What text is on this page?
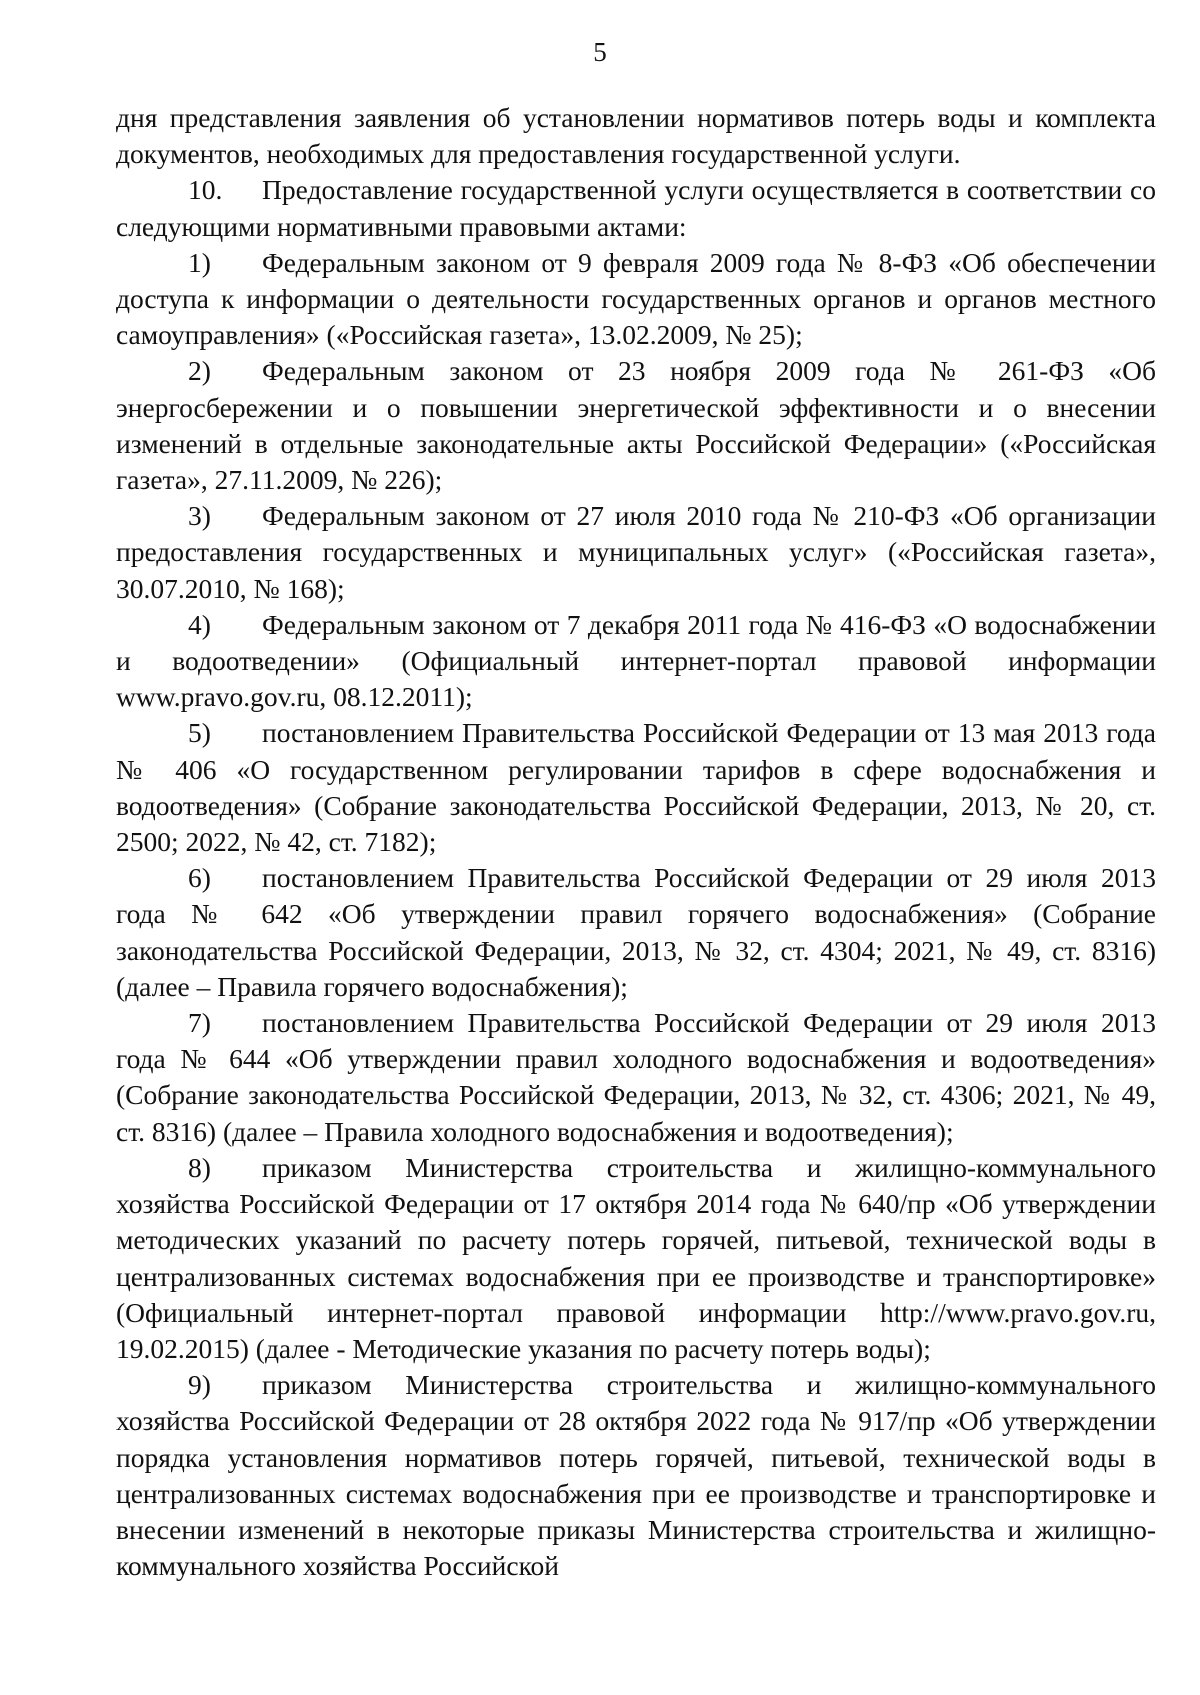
5

дня представления заявления об установлении нормативов потерь воды и комплекта документов, необходимых для предоставления государственной услуги.

10. Предоставление государственной услуги осуществляется в соответствии со следующими нормативными правовыми актами:

1) Федеральным законом от 9 февраля 2009 года № 8-ФЗ «Об обеспечении доступа к информации о деятельности государственных органов и органов местного самоуправления» («Российская газета», 13.02.2009, № 25);

2) Федеральным законом от 23 ноября 2009 года № 261-ФЗ «Об энергосбережении и о повышении энергетической эффективности и о внесении изменений в отдельные законодательные акты Российской Федерации» («Российская газета», 27.11.2009, № 226);

3) Федеральным законом от 27 июля 2010 года № 210-ФЗ «Об организации предоставления государственных и муниципальных услуг» («Российская газета», 30.07.2010, № 168);

4) Федеральным законом от 7 декабря 2011 года № 416-ФЗ «О водоснабжении и водоотведении» (Официальный интернет-портал правовой информации www.pravo.gov.ru, 08.12.2011);

5) постановлением Правительства Российской Федерации от 13 мая 2013 года № 406 «О государственном регулировании тарифов в сфере водоснабжения и водоотведения» (Собрание законодательства Российской Федерации, 2013, № 20, ст. 2500; 2022, № 42, ст. 7182);

6) постановлением Правительства Российской Федерации от 29 июля 2013 года № 642 «Об утверждении правил горячего водоснабжения» (Собрание законодательства Российской Федерации, 2013, № 32, ст. 4304; 2021, № 49, ст. 8316) (далее – Правила горячего водоснабжения);

7) постановлением Правительства Российской Федерации от 29 июля 2013 года № 644 «Об утверждении правил холодного водоснабжения и водоотведения» (Собрание законодательства Российской Федерации, 2013, № 32, ст. 4306; 2021, № 49, ст. 8316) (далее – Правила холодного водоснабжения и водоотведения);

8) приказом Министерства строительства и жилищно-коммунального хозяйства Российской Федерации от 17 октября 2014 года № 640/пр «Об утверждении методических указаний по расчету потерь горячей, питьевой, технической воды в централизованных системах водоснабжения при ее производстве и транспортировке» (Официальный интернет-портал правовой информации http://www.pravo.gov.ru, 19.02.2015) (далее - Методические указания по расчету потерь воды);

9) приказом Министерства строительства и жилищно-коммунального хозяйства Российской Федерации от 28 октября 2022 года № 917/пр «Об утверждении порядка установления нормативов потерь горячей, питьевой, технической воды в централизованных системах водоснабжения при ее производстве и транспортировке и внесении изменений в некоторые приказы Министерства строительства и жилищно-коммунального хозяйства Российской
